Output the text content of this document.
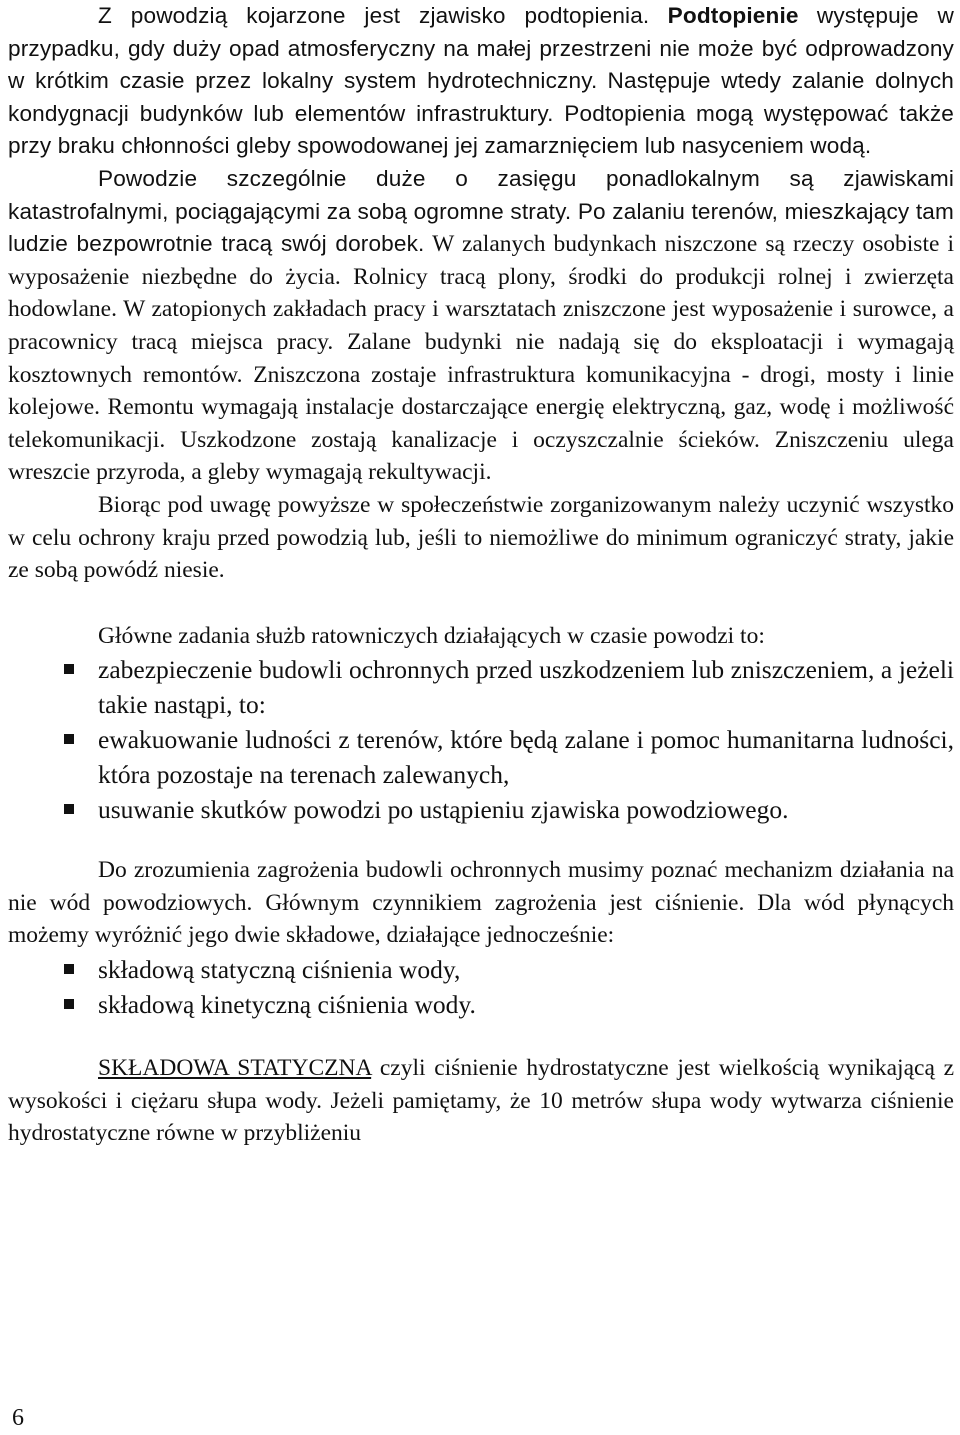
Z powodzią kojarzone jest zjawisko podtopienia. Podtopienie występuje w przypadku, gdy duży opad atmosferyczny na małej przestrzeni nie może być odprowadzony w krótkim czasie przez lokalny system hydrotechniczny. Następuje wtedy zalanie dolnych kondygnacji budynków lub elementów infrastruktury. Podtopienia mogą występować także przy braku chłonności gleby spowodowanej jej zamarznięciem lub nasyceniem wodą.

Powodzie szczególnie duże o zasięgu ponadlokalnym są zjawiskami katastrofalnymi, pociągającymi za sobą ogromne straty. Po zalaniu terenów, mieszkający tam ludzie bezpowrotnie tracą swój dorobek. W zalanych budynkach niszczone są rzeczy osobiste i wyposażenie niezbędne do życia. Rolnicy tracą plony, środki do produkcji rolnej i zwierzęta hodowlane. W zatopionych zakładach pracy i warsztatach zniszczone jest wyposażenie i surowce, a pracownicy tracą miejsca pracy. Zalane budynki nie nadają się do eksploatacji i wymagają kosztownych remontów. Zniszczona zostaje infrastruktura komunikacyjna - drogi, mosty i linie kolejowe. Remontu wymagają instalacje dostarczające energię elektryczną, gaz, wodę i możliwość telekomunikacji. Uszkodzone zostają kanalizacje i oczyszczalnie ścieków. Zniszczeniu ulega wreszcie przyroda, a gleby wymagają rekultywacji.

Biorąc pod uwagę powyższe w społeczeństwie zorganizowanym należy uczynić wszystko w celu ochrony kraju przed powodzią lub, jeśli to niemożliwe do minimum ograniczyć straty, jakie ze sobą powódź niesie.

Główne zadania służb ratowniczych działających w czasie powodzi to:

zabezpieczenie budowli ochronnych przed uszkodzeniem lub zniszczeniem, a jeżeli takie nastąpi, to:
ewakuowanie ludności z terenów, które będą zalane i pomoc humanitarna ludności, która pozostaje na terenach zalewanych,
usuwanie skutków powodzi po ustąpieniu zjawiska powodziowego.

Do zrozumienia zagrożenia budowli ochronnych musimy poznać mechanizm działania na nie wód powodziowych. Głównym czynnikiem zagrożenia jest ciśnienie. Dla wód płynących możemy wyróżnić jego dwie składowe, działające jednocześnie:

składową statyczną ciśnienia wody,
składową kinetyczną ciśnienia wody.

SKŁADOWA STATYCZNA czyli ciśnienie hydrostatyczne jest wielkością wynikającą z wysokości i ciężaru słupa wody. Jeżeli pamiętamy, że 10 metrów słupa wody wytwarza ciśnienie hydrostatyczne równe w przybliżeniu

6
